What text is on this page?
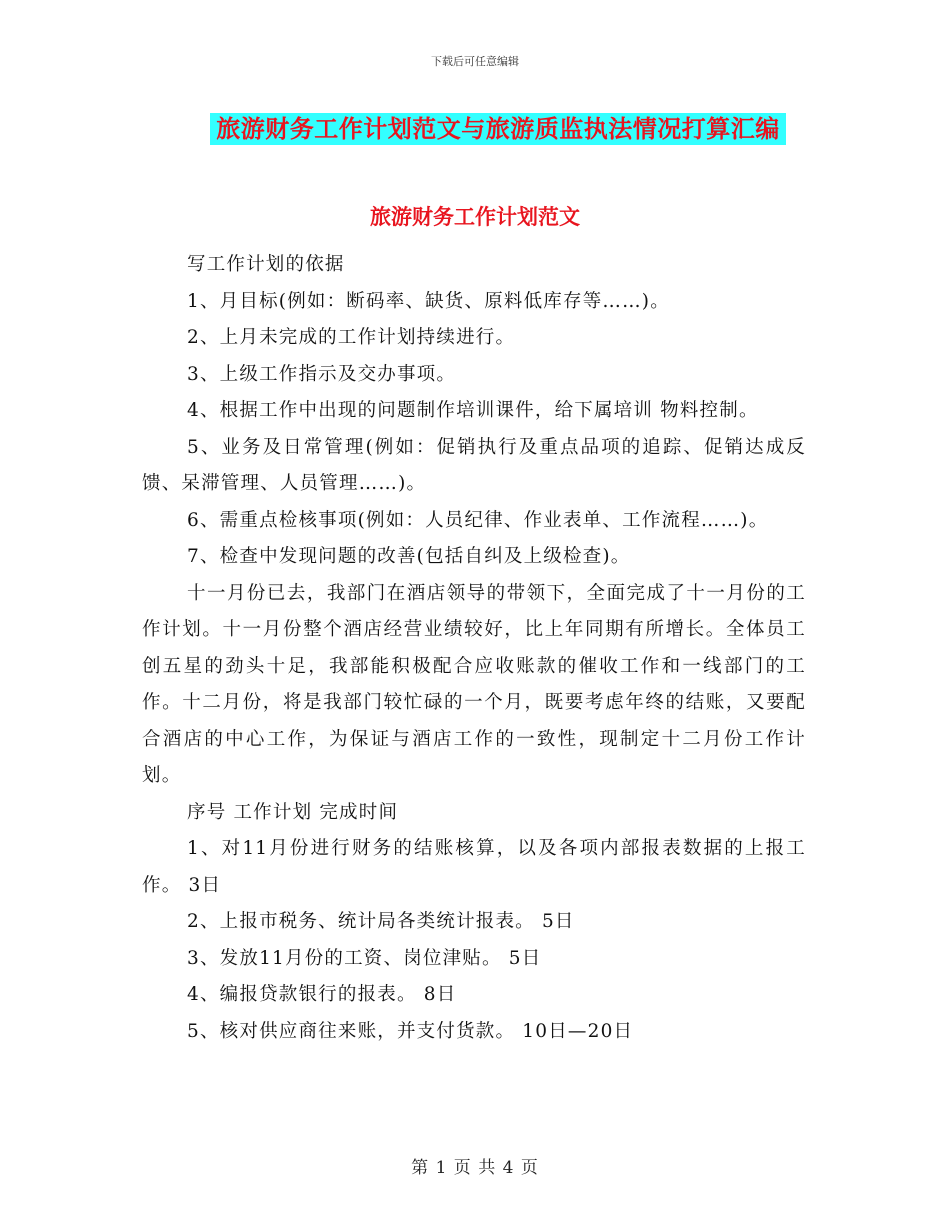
下载后可任意编辑
旅游财务工作计划范文与旅游质监执法情况打算汇编
旅游财务工作计划范文

写工作计划的依据

1、月目标(例如：断码率、缺货、原料低库存等……)。

2、上月未完成的工作计划持续进行。

3、上级工作指示及交办事项。

4、根据工作中出现的问题制作培训课件，给下属培训 物料控制。

5、业务及日常管理(例如：促销执行及重点品项的追踪、促销达成反馈、呆滞管理、人员管理……)。

6、需重点检核事项(例如：人员纪律、作业表单、工作流程……)。

7、检查中发现问题的改善(包括自纠及上级检查)。

十一月份已去，我部门在酒店领导的带领下，全面完成了十一月份的工作计划。十一月份整个酒店经营业绩较好，比上年同期有所增长。全体员工创五星的劲头十足，我部能积极配合应收账款的催收工作和一线部门的工作。十二月份，将是我部门较忙碌的一个月，既要考虑年终的结账，又要配合酒店的中心工作，为保证与酒店工作的一致性，现制定十二月份工作计划。

序号 工作计划 完成时间

1、对11月份进行财务的结账核算，以及各项内部报表数据的上报工作。 3日

2、上报市税务、统计局各类统计报表。 5日

3、发放11月份的工资、岗位津贴。 5日

4、编报贷款银行的报表。 8日

5、核对供应商往来账，并支付货款。 10日—20日

第 1 页 共 4 页
